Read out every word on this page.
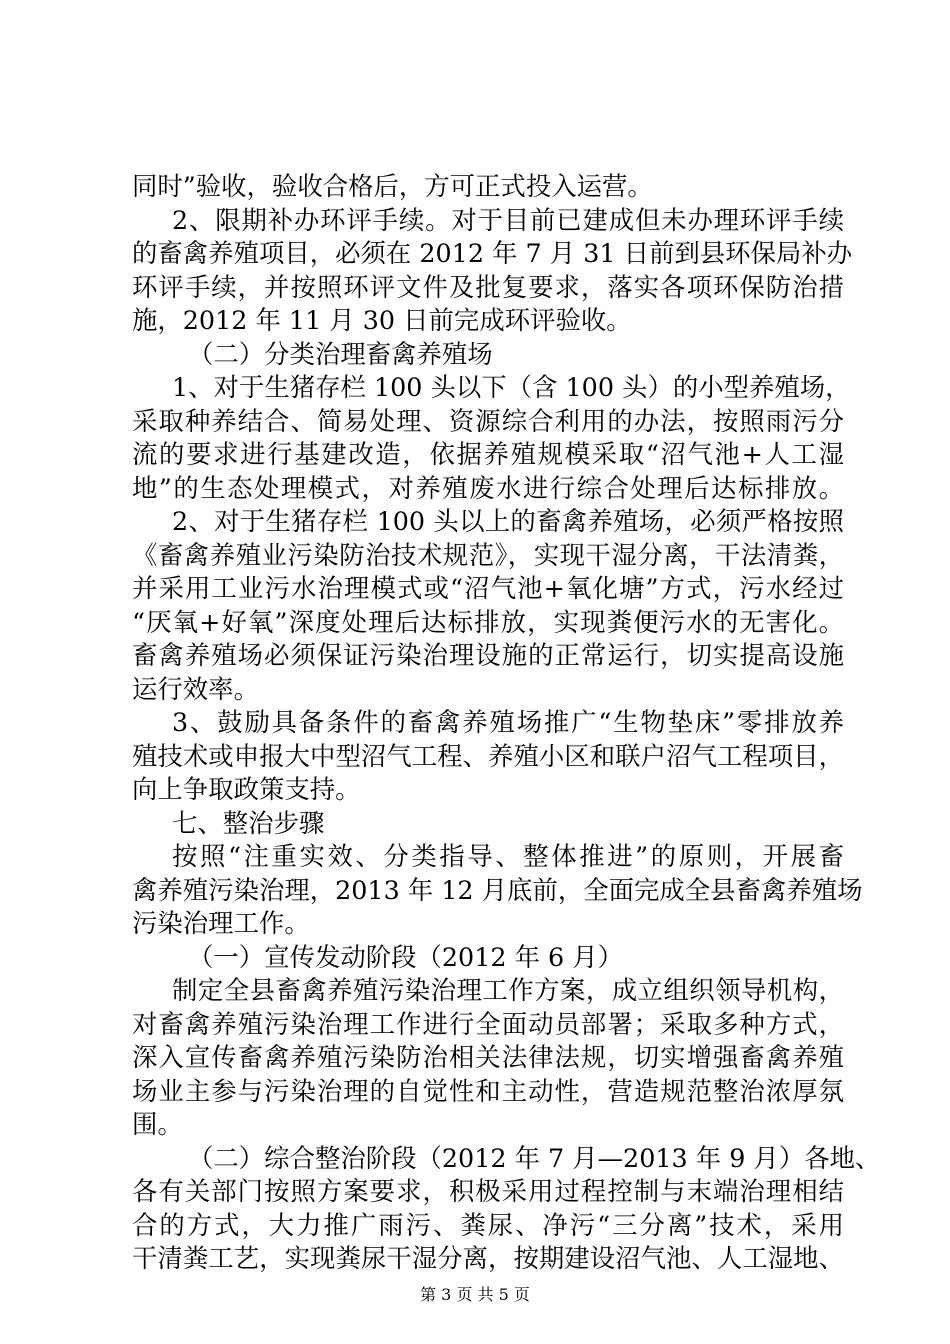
同时”验收，验收合格后，方可正式投入运营。
2、限期补办环评手续。对于目前已建成但未办理环评手续
的畜禽养殖项目，必须在 2012 年 7 月 31 日前到县环保局补办
环评手续，并按照环评文件及批复要求，落实各项环保防治措
施，2012 年 11 月 30 日前完成环评验收。
（二）分类治理畜禽养殖场
1、对于生猪存栏 100 头以下（含 100 头）的小型养殖场，
采取种养结合、简易处理、资源综合利用的办法，按照雨污分
流的要求进行基建改造，依据养殖规模采取“沼气池+人工湿
地”的生态处理模式，对养殖废水进行综合处理后达标排放。
2、对于生猪存栏 100 头以上的畜禽养殖场，必须严格按照
《畜禽养殖业污染防治技术规范》，实现干湿分离，干法清粪，
并采用工业污水治理模式或“沼气池+氧化塘”方式，污水经过
“厌氧+好氧”深度处理后达标排放，实现粪便污水的无害化。
畜禽养殖场必须保证污染治理设施的正常运行，切实提高设施
运行效率。
3、鼓励具备条件的畜禽养殖场推广“生物垫床”零排放养
殖技术或申报大中型沼气工程、养殖小区和联户沼气工程项目，
向上争取政策支持。
七、整治步骤
按照“注重实效、分类指导、整体推进”的原则，开展畜
禽养殖污染治理，2013 年 12 月底前，全面完成全县畜禽养殖场
污染治理工作。
（一）宣传发动阶段（2012 年 6 月）
制定全县畜禽养殖污染治理工作方案，成立组织领导机构，
对畜禽养殖污染治理工作进行全面动员部署；采取多种方式，
深入宣传畜禽养殖污染防治相关法律法规，切实增强畜禽养殖
场业主参与污染治理的自觉性和主动性，营造规范整治浓厚氛
围。
（二）综合整治阶段（2012 年 7 月—2013 年 9 月）各地、
各有关部门按照方案要求，积极采用过程控制与末端治理相结
合的方式，大力推广雨污、粪尿、净污“三分离”技术，采用
干清粪工艺，实现粪尿干湿分离，按期建设沼气池、人工湿地、
第 3 页 共 5 页
